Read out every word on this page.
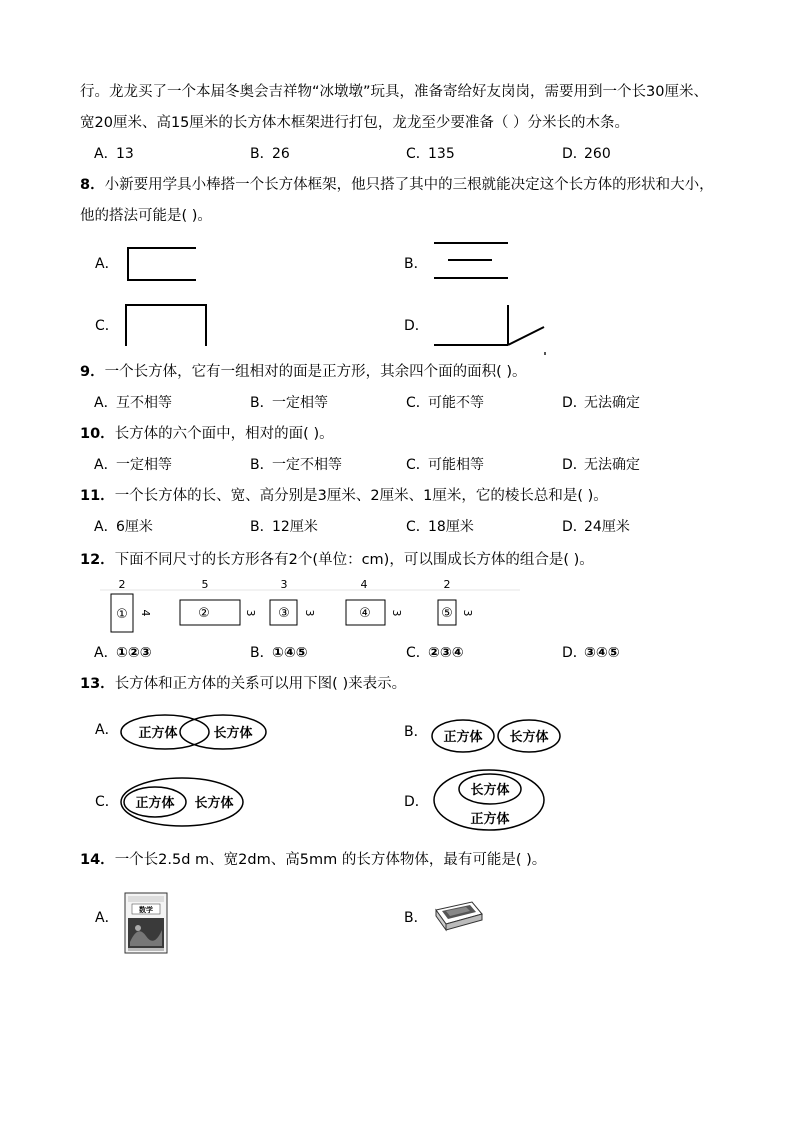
行。龙龙买了一个本届冬奥会吉祥物“冰墩墩”玩具，准备寄给好友岗岗，需要用到一个长30厘米、
宽20厘米、高15厘米的长方体木框架进行打包，龙龙至少要准备（ ）分米长的木条。
A．13	B．26	C．135	D．260
8．小新要用学具小棒搭一个长方体框架，他只搭了其中的三根就能决定这个长方体的形状和大小，
他的搭法可能是( )。
A．	B．
C．	D．
9．一个长方体，它有一组相对的面是正方形，其余四个面的面积( )。
A．互不相等	B．一定相等	C．可能不等	D．无法确定
10．长方体的六个面中，相对的面( )。
A．一定相等	B．一定不相等	C．可能相等	D．无法确定
11．一个长方体的长、宽、高分别是3厘米、2厘米、1厘米，它的棱长总和是( )。
A．6厘米	B．12厘米	C．18厘米	D．24厘米
12．下面不同尺寸的长方形各有2个(单位：cm)，可以围成长方体的组合是( )。
2
① 4
5
②	3
3
③ 3
4
④ 3
2
⑤ 3
A．①②③	B．①④⑤	C．②③④	D．③④⑤
13．长方体和正方体的关系可以用下图( )来表示。
A． 正方体	长方体	B． 正方体 长方体
C． 正方体 长方体	D．
长方体
正方体
14．一个长2.5d m、宽2dm、高5mm 的长方体物体，最有可能是( )。
A．	数学	B．
